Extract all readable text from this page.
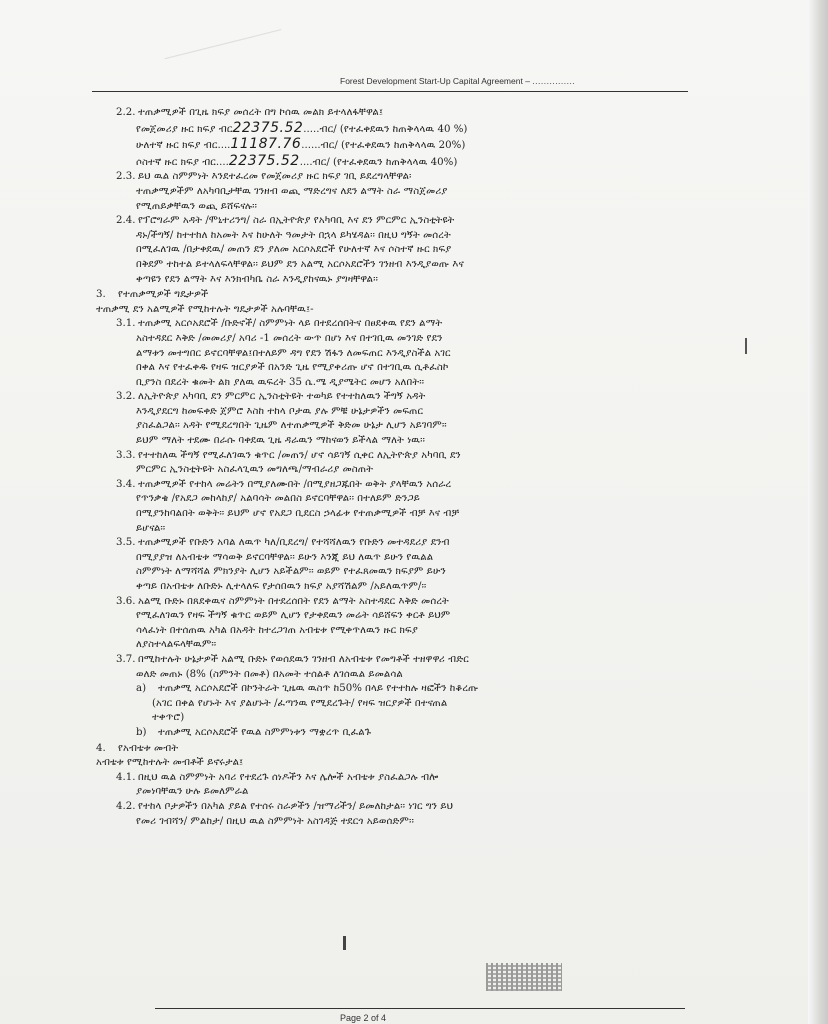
Forest Development Start-Up Capital Agreement – ...............
2.2. ተጠቃሚዎች በጊዜ ክፍያ መሰረት በግ ኮሰዉ መልክ ይተላለፋቸዋል፤
የመጀመሪያ ዙር ክፍያ ብር22375.52.....ብር/ (የተፈቀደዉን ከጠቅላላዉ 40 %)
ሁለተኛ ዙር ክፍያ ብር....11187.76......ብር/ (የተፈቀደዉን ከጠቅላላዉ 20%)
ሶስተኛ ዙር ክፍያ ብር....22375.52....ብር/ (የተፈቀደዉን ከጠቅላላዉ 40%)
2.3. ይህ ዉል ስምምነት እንደተፈረመ የመጀመሪያ ዙር ክፍያ ገቢ ይደረግላቸዋል፡
ተጠቃሚዎችም ለአካባቢታቸዉ ገንዘብ ወጪ ማድረግና ለደን ልማት ስራ ማስጀመሪያ
የሚጠይቃቸዉን ወጪ ይሸፍናሉ፡፡
2.4. የፕሮግራም አዳት /ሞኒተሪንግ/ ስራ በኢትዮጵያ የአካባቢ እና ደን ምርምር ኢንስቲትዩት
ዳኑ/ችግኝ/ ከተተከለ ከአመት እና ከሁለት ዓመታት በኋላ ይካሄዳል፡፡ በዚህ ግኝት መሰረት
በሚፈለገዉ /በታቀደዉ/ መጠን ደን ያለመ አርሶአደሮች የሁለተኛ እና ሶስተኛ ዙር ክፍያ
በቅደም ተከተል ይተላለፍላቸዋል፡፡ ይህም ደን አልሚ አርሶአደሮችን ገንዘብ እንዲያወጡ እና
ቀጣዩን የደን ልማት እና እንክብካቤ ስራ እንዲያከናዉኑ ያግዛቸዋል፡፡
3. የተጠቃሚዎች ግዴታዎች
ተጠቃሚ ደን አልሚዎች የሚከተሉት ግዴታዎች አሉባቸዉ፤-
3.1. ተጠቃሚ አርሶአደሮች /ቡድኖች/ ስምምነት ላይ በተደረሰበትና በፀደቀዉ የደን ልማት
አስተዳደር እቅድ /መመሪያ/ አባሪ -1 መሰረት ውጥ በሆነ እና በተገቢዉ መንገድ የደን
ልማቱን መተግበር ይኖርባቸዋል፤በተለይም ዳግ የደን ሽፋን ለመፍጠር እንዲያስችል አገር
በቀል እና የተፈቀዱ የዛፍ ዝርያዎች በአንድ ጊዜ የሚያቀሪጡ ሆኖ በተገቢዉ ሲቶፈስኮ
ቢያንስ በደረት ቁመት ልክ ያለዉ ዉፍረት 35 ሴ.ሜ ዲያሜትር መሆን አለበት፡፡
3.2. ለኢትዮጵያ አካባቢ ደን ምርምር ኢንስቲትዩት ተወካይ የተተከለዉን ችግኝ አዳት
እንዲያደርግ ከመፍቀድ ጀምሮ እስከ ተከላ ቦታዉ ያሉ ምቹ ሁኔታዎችን መፍጠር
ያስፈልጋል፡፡ አዳት የሚደረግበት ጊዜም ለተጠቃሚዎች ቅድመ ሁኔታ ሊሆን አይገባም፡፡
ይህም ማለት ተደሙ በራሱ ባቀደዉ ጊዜ ዳራዉን ማከናወን ይችላል ማለት ነዉ፡፡
3.3. የተተከለዉ ችግኝ የሚፈለገዉን ቁጥር /መጠን/ ሆኖ ሳይገኝ ሲቀር ለኢትዮጵያ አካባቢ ደን
ምርምር ኢንስቲትዩት አስፈላጊዉን መግለጫ/ማብራሪያ መስጠት
3.4. ተጠቃሚዎች የተከላ መሬትን በሚያለሙበት /በሚያዘጋጁበት ወቅት ያላቸዉን አሰራረ
የጥንቃቄ /የአደጋ መከላከያ/ አልባሳት መልበስ ይኖርባቸዋል፡፡ በተለይም ድንጋይ
በሚያንከባልበት ወቅት፡፡ ይህም ሆኖ የአደጋ ቢደርስ ኃላፊቱ የተጠቃሚዎች ብቻ እና ብቻ
ይሆናል፡፡
3.5. ተጠቃሚዎች የቡድን አባል ለዉጥ ካለ/ቢደረግ/ የተሻሻለዉን የቡድን መተዳደሪያ ደንብ
በሚያያዝ ለአብቴቱ ማሳወቅ ይኖርባቸዋል፡፡ ይሁን እንጂ ይህ ለዉጥ ይሁን የዉልል
ስምምነት ለማሻሻል ምክንያት ሊሆን አይችልም፡፡ ወይም የተፈጸመዉን ክፍያም ይሁን
ቀጣይ በአብቴቱ ለቡድኑ ሊተላለፍ የታሰበዉን ክፍያ አያሻሽልም /አይለዉጥም/፡፡
3.6. አልሚ ቡድኑ በጸደቀዉና ስምምነት በተደረሰበት የደን ልማት አስተዳደር እቅድ መሰረት
የሚፈለገዉን የዛፍ ችግኝ ቁጥር ወይም ሊሆን የታቀደዉን መሬት ሳይሸፍን ቀርቶ ይህም
ሳላፈነት በተሰጠዉ አካል በአዳት ከተረጋገጠ አብቴቱ የሚቀጥለዉን ዙር ክፍያ
ለያስተላልፍላቸዉም፡፡
3.7. በሚከተሉት ሁኔታዎች አልሚ ቡድኑ የወሰደዉን ገንዘብ ለአብቴቱ የመግቶች ተዘዋዋሪ ብድር
ወለድ መጠኑ (8% (ስምንት በመቶ) በአመት ተሰልቶ ለገሰዉል ይመልሳል
a) ተጠቃሚ አርሶአደሮች በኮንትራት ጊዜዉ ዉስጥ ከ50% በላይ የተተከሉ ዛፎችን ከቆረጡ
(አገር በቀል የሆኑት እና ያልሆኑት /ፈጣንዉ የሚደረጉት/ የዛፍ ዝርያዎች በተናጠል
ተቀጥሮ)
b) ተጠቃሚ አርሶአደሮች የዉል ስምምነቱን ማቋረጥ ቢፈልጉ
4. የአብቴቱ መብት
አብቴቱ የሚከተሉት መብቶች ይኖሩታል፤
4.1. በዚህ ዉል ስምምነት አባሪ የተደረጉ ሰነዶችን እና ሌሎች አብቴቱ ያስፈልጋሉ ብሎ
ያመነባቸዉን ሁሉ ይመለምራል
4.2. የተከላ ቦታዎችን በአካል ያይል የተሰሩ ስራዎችን /ዝማሪችን/ ይመለከታል፡፡ ነገር ግን ይህ
የመሪ ገብሻን/ ምልከታ/ በዚህ ዉል ስምምነት አስገዳጅ ተደርጎ አይወሰድም፡፡
Page 2 of 4
